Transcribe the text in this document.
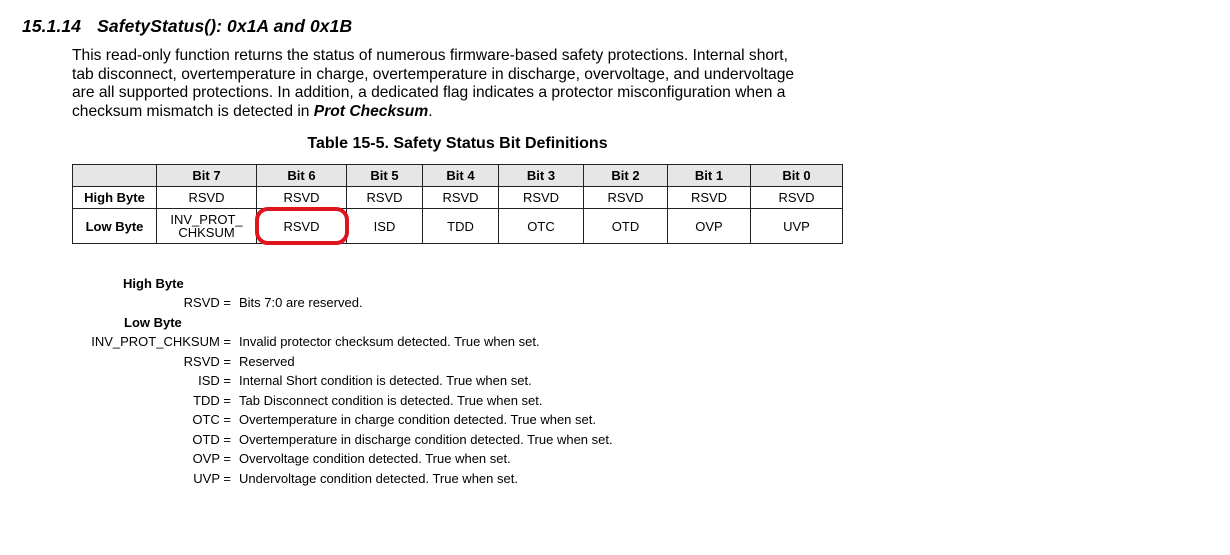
15.1.14 SafetyStatus(): 0x1A and 0x1B

This read-only function returns the status of numerous firmware-based safety protections. Internal short,

tab disconnect, overtemperature in charge, overtemperature in discharge, overvoltage, and undervoltage

are all supported protections. In addition, a dedicated flag indicates a protector misconfiguration when a

checksum mismatch is detected in Prot Checksum.

Table 15-5. Safety Status Bit Definitions
	Bit 7	Bit 6	Bit 5	Bit 4	Bit 3	Bit 2	Bit 1	Bit 0
High Byte	RSVD	RSVD	RSVD	RSVD	RSVD	RSVD	RSVD	RSVD
Low Byte	INV_PROT_
CHKSUM	RSVD	ISD	TDD	OTC	OTD	OVP	UVP
High Byte
RSVD = Bits 7:0 are reserved.
Low Byte
INV_PROT_CHKSUM = Invalid protector checksum detected. True when set.
RSVD = Reserved
ISD = Internal Short condition is detected. True when set.
TDD = Tab Disconnect condition is detected. True when set.
OTC = Overtemperature in charge condition detected. True when set.
OTD = Overtemperature in discharge condition detected. True when set.
OVP = Overvoltage condition detected. True when set.
UVP = Undervoltage condition detected. True when set.
